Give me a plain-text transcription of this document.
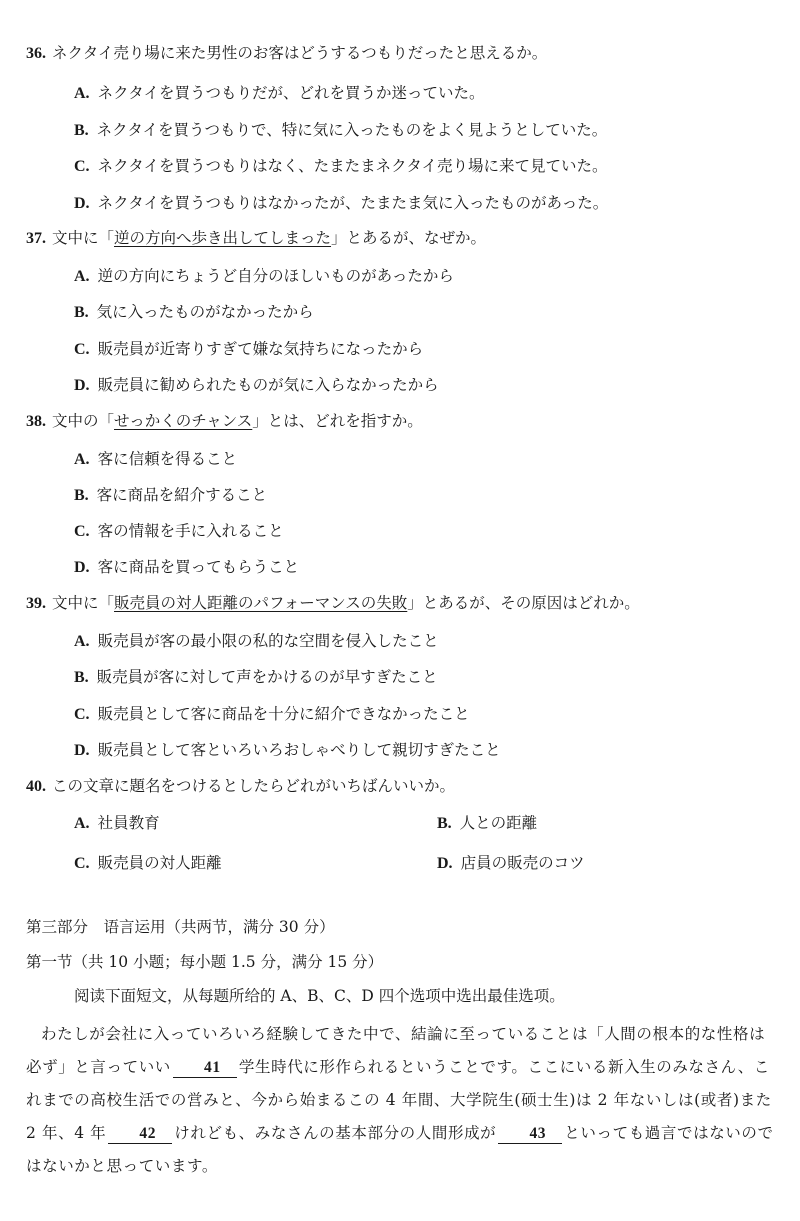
36. ネクタイ売り場に来た男性のお客はどうするつもりだったと思えるか。
A. ネクタイを買うつもりだが、どれを買うか迷っていた。
B. ネクタイを買うつもりで、特に気に入ったものをよく見ようとしていた。
C. ネクタイを買うつもりはなく、たまたまネクタイ売り場に来て見ていた。
D. ネクタイを買うつもりはなかったが、たまたま気に入ったものがあった。
37. 文中に「逆の方向へ歩き出してしまった」とあるが、なぜか。
A. 逆の方向にちょうど自分のほしいものがあったから
B. 気に入ったものがなかったから
C. 販売員が近寄りすぎて嫌な気持ちになったから
D. 販売員に勧められたものが気に入らなかったから
38. 文中の「せっかくのチャンス」とは、どれを指すか。
A. 客に信頼を得ること
B. 客に商品を紹介すること
C. 客の情報を手に入れること
D. 客に商品を買ってもらうこと
39. 文中に「販売員の対人距離のパフォーマンスの失敗」とあるが、その原因はどれか。
A. 販売員が客の最小限の私的な空間を侵入したこと
B. 販売員が客に対して声をかけるのが早すぎたこと
C. 販売員として客に商品を十分に紹介できなかったこと
D. 販売員として客といろいろおしゃべりして親切すぎたこと
40. この文章に題名をつけるとしたらどれがいちばんいいか。
A. 社員教育	B. 人との距離
C. 販売員の対人距離	D. 店員の販売のコツ
第三部分　语言运用（共两节，满分 30 分）
第一节（共 10 小题；每小题 1.5 分，满分 15 分）
阅读下面短文，从每题所给的 A、B、C、D 四个选项中选出最佳选项。
わたしが会社に入っていろいろ経験してきた中で、結論に至っていることは「人間の根本的な性格は必ず」と言っていい 41 学生時代に形作られるということです。ここにいる新入生のみなさん、これまでの高校生活での営みと、今から始まるこの 4 年間、大学院生(硕士生)は 2 年ないしは(或者)また 2 年、4 年 42 けれども、みなさんの基本部分の人間形成が 43 といっても過言ではないのではないかと思っています。
